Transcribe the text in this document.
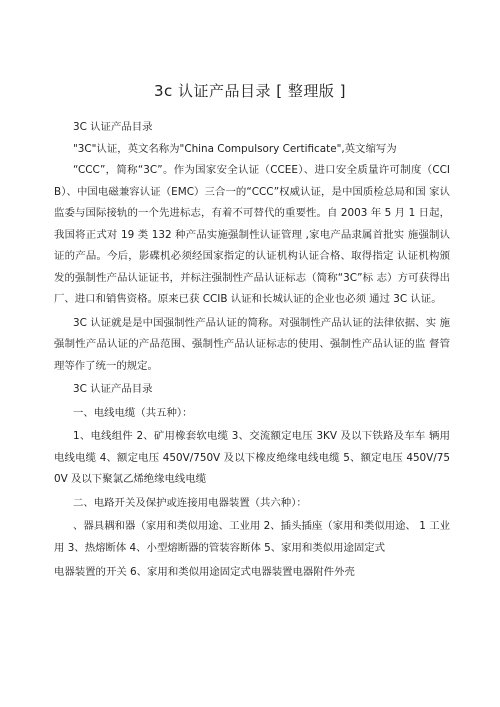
3c 认证产品目录 [ 整理版 ]

3C 认证产品目录

"3C"认证，英文名称为"China Compulsory Certificate",英文缩写为

“CCC”，简称“3C”。作为国家安全认证（CCEE）、进口安全质量许可制度（CCIB）、中国电磁兼容认证（EMC）三合一的“CCC”权威认证，是中国质检总局和国 家认监委与国际接轨的一个先进标志，有着不可替代的重要性。自 2003 年 5 月 1 日起，我国将正式对 19 类 132 种产品实施强制性认证管理 ,家电产品隶属首批实 施强制认证的产品。今后，影碟机必须经国家指定的认证机构认证合格、取得指定 认证机构颁发的强制性产品认证证书，并标注强制性产品认证标志（简称“3C”标 志）方可获得出厂、进口和销售资格。原来已获 CCIB 认证和长城认证的企业也必须 通过 3C 认证。

3C 认证就是是中国强制性产品认证的简称。对强制性产品认证的法律依据、实 施强制性产品认证的产品范围、强制性产品认证标志的使用、强制性产品认证的监 督管理等作了统一的规定。

3C 认证产品目录

一、电线电缆（共五种）：

1、电线组件 2、矿用橡套软电缆 3、交流额定电压 3KV 及以下铁路及车车 辆用电线电缆 4、额定电压 450V/750V 及以下橡皮绝缘电线电缆 5、额定电压 450V/750V 及以下聚氯乙烯绝缘电线电缆

二、电路开关及保护或连接用电器装置（共六种）：

、器具耦和器（家用和类似用途、工业用 2、插头插座（家用和类似用途、 1 工业用 3、热熔断体 4、小型熔断器的管装容断体 5、家用和类似用途固定式

电器装置的开关 6、家用和类似用途固定式电器装置电器附件外壳
